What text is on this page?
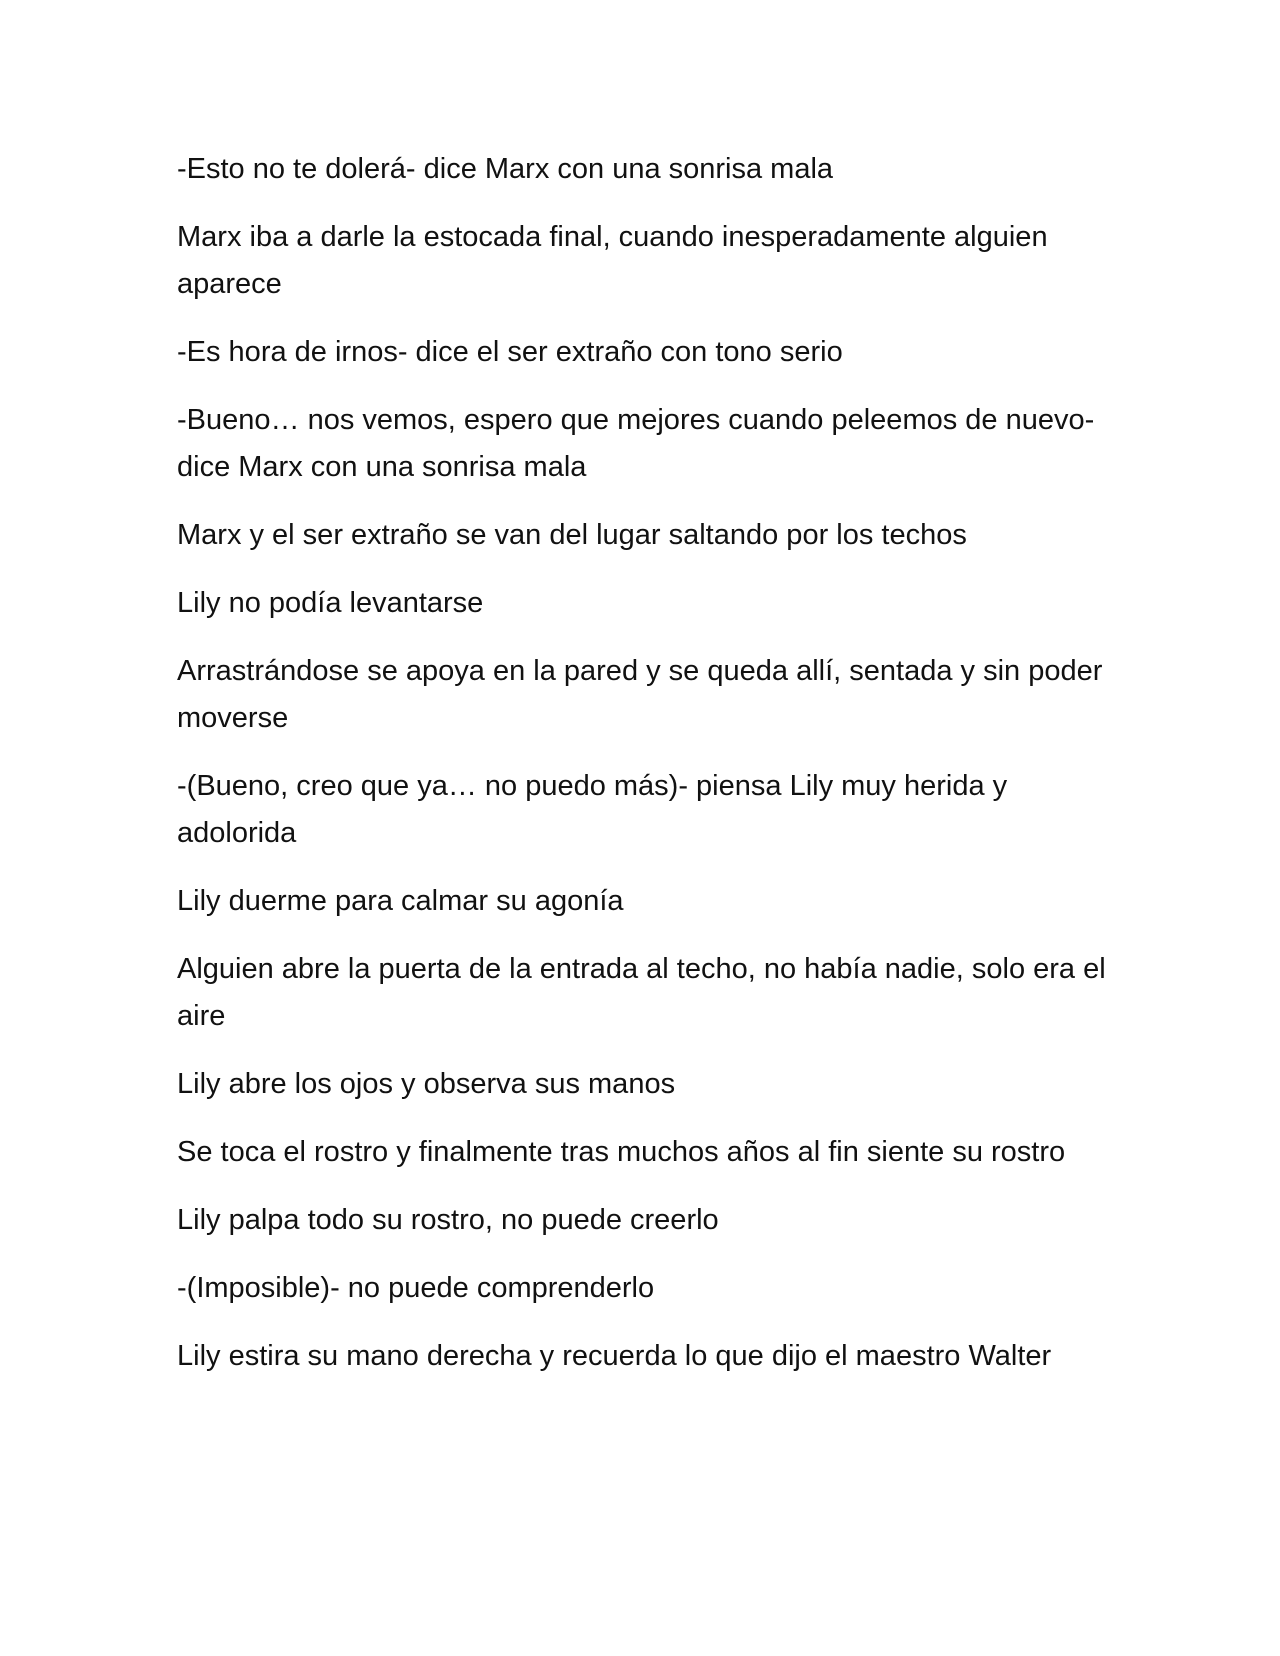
-Esto no te dolerá- dice Marx con una sonrisa mala

Marx iba a darle la estocada final, cuando inesperadamente alguien aparece

-Es hora de irnos- dice el ser extraño con tono serio

-Bueno… nos vemos, espero que mejores cuando peleemos de nuevo-dice Marx con una sonrisa mala

Marx y el ser extraño se van del lugar saltando por los techos

Lily no podía levantarse

Arrastrándose se apoya en la pared y se queda allí, sentada y sin poder moverse

-(Bueno, creo que ya… no puedo más)- piensa Lily muy herida y adolorida

Lily duerme para calmar su agonía

Alguien abre la puerta de la entrada al techo, no había nadie, solo era el aire

Lily abre los ojos y observa sus manos

Se toca el rostro y finalmente tras muchos años al fin siente su rostro

Lily palpa todo su rostro, no puede creerlo

-(Imposible)- no puede comprenderlo

Lily estira su mano derecha y recuerda lo que dijo el maestro Walter
